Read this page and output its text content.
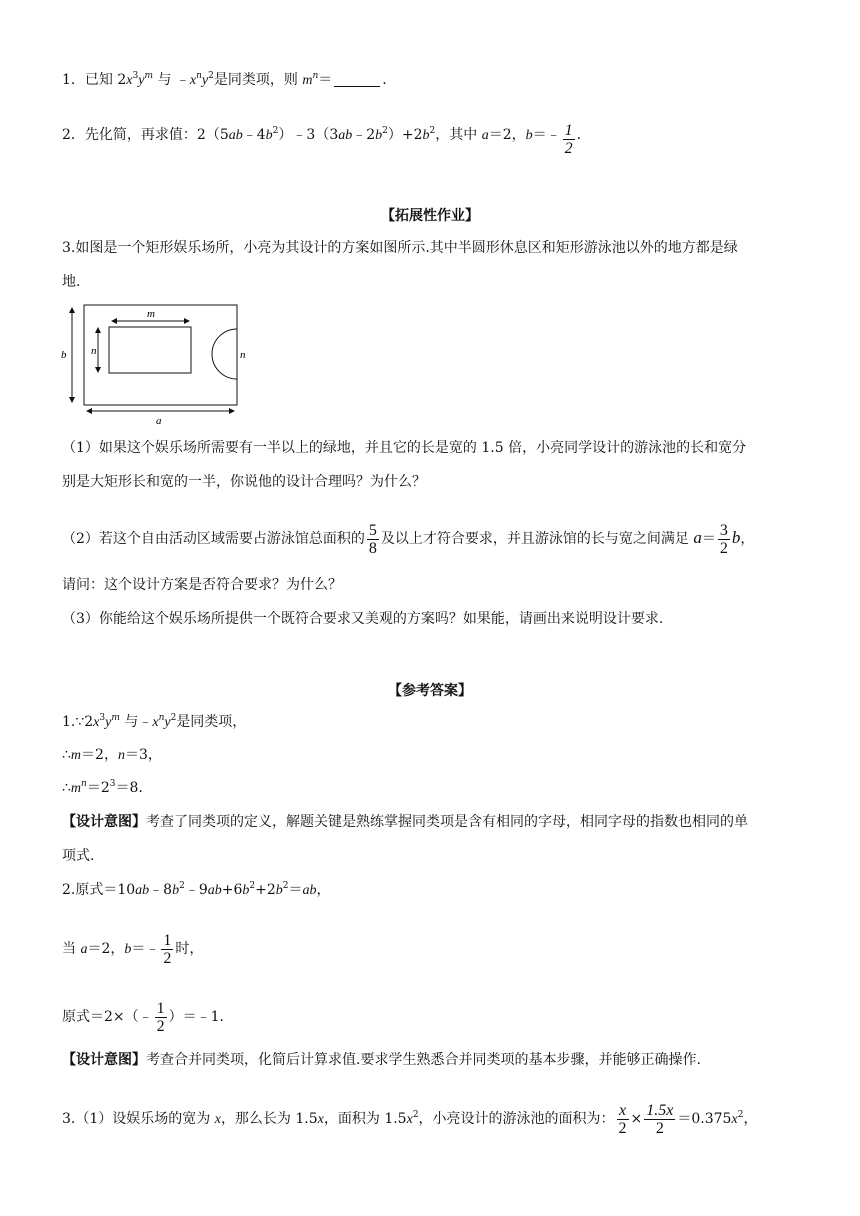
1．已知 $2x^3y^m$ 与 $﹣x^ny^2$是同类项，则 $m^n=$	.
2．先化简，再求值：$2(5ab﹣4b^2)﹣3(3ab﹣2b^2)+2b^2$，其中 a＝2，b＝﹣ $\frac{1}{2}$ .
【拓展性作业】
3.如图是一个矩形娱乐场所，小亮为其设计的方案如图所示.其中半圆形休息区和矩形游泳池以外的地方都是绿
地.
m
n	n
b
a
（1）如果这个娱乐场所需要有一半以上的绿地，并且它的长是宽的 1.5 倍，小亮同学设计的游泳池的长和宽分
别是大矩形长和宽的一半，你说他的设计合理吗？为什么？
（2）若这个自由活动区域需要占游泳馆总面积的 $\frac{5}{8}$ 及以上才符合要求，并且游泳馆的长与宽之间满足 $a= \frac{3}{2}$ b，
请问：这个设计方案是否符合要求？为什么？
（3）你能给这个娱乐场所提供一个既符合要求又美观的方案吗？如果能，请画出来说明设计要求.
【参考答案】
$1.\because 2x^3y^m$ 与$﹣x^ny^2$是同类项，
∴m＝2，n＝3，
$\therefore m^n=2^3=8$.
【设计意图】考查了同类项的定义，解题关键是熟练掌握同类项是含有相同的字母，相同字母的指数也相同的单
项式.
2.原式$=10ab﹣8b^2﹣9ab+6b^2+2b^2=ab$，
当 a＝2，b＝﹣ $\frac{1}{2}$ 时，
原式＝2×（﹣ $\frac{1}{2}$ ）＝﹣1.
【设计意图】考查合并同类项，化简后计算求值.要求学生熟悉合并同类项的基本步骤，并能够正确操作.
3.（1）设娱乐场的宽为 x，那么长为 1.5x，面积为 $1.5x^2$，小亮设计的游泳池的面积为： $\frac{x}{2} \times \frac{1.5x}{2} =0.375x^2$，
